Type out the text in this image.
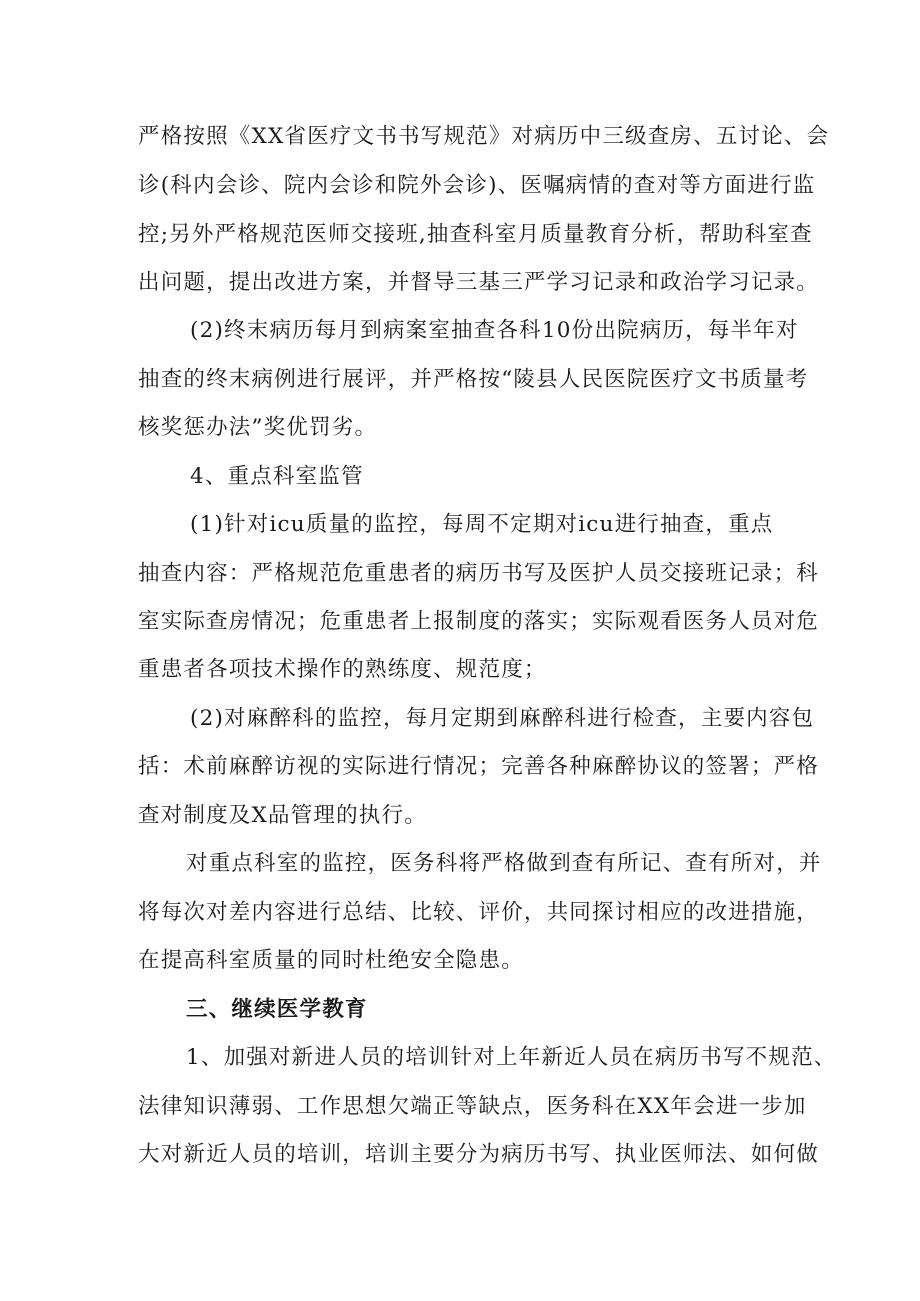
严格按照《XX省医疗文书书写规范》对病历中三级查房、五讨论、会
诊(科内会诊、院内会诊和院外会诊)、医嘱病情的查对等方面进行监
控;另外严格规范医师交接班,抽查科室月质量教育分析，帮助科室查
出问题，提出改进方案，并督导三基三严学习记录和政治学习记录。
(2)终末病历每月到病案室抽查各科10份出院病历，每半年对
抽查的终末病例进行展评，并严格按“陵县人民医院医疗文书质量考
核奖惩办法”奖优罚劣。
4、重点科室监管
(1)针对icu质量的监控，每周不定期对icu进行抽查，重点
抽查内容：严格规范危重患者的病历书写及医护人员交接班记录；科
室实际查房情况；危重患者上报制度的落实；实际观看医务人员对危
重患者各项技术操作的熟练度、规范度；
(2)对麻醉科的监控，每月定期到麻醉科进行检查，主要内容包
括：术前麻醉访视的实际进行情况；完善各种麻醉协议的签署；严格
查对制度及X品管理的执行。
对重点科室的监控，医务科将严格做到查有所记、查有所对，并
将每次对差内容进行总结、比较、评价，共同探讨相应的改进措施，
在提高科室质量的同时杜绝安全隐患。
三、继续医学教育
1、加强对新进人员的培训针对上年新近人员在病历书写不规范、
法律知识薄弱、工作思想欠端正等缺点，医务科在XX年会进一步加
大对新近人员的培训，培训主要分为病历书写、执业医师法、如何做
